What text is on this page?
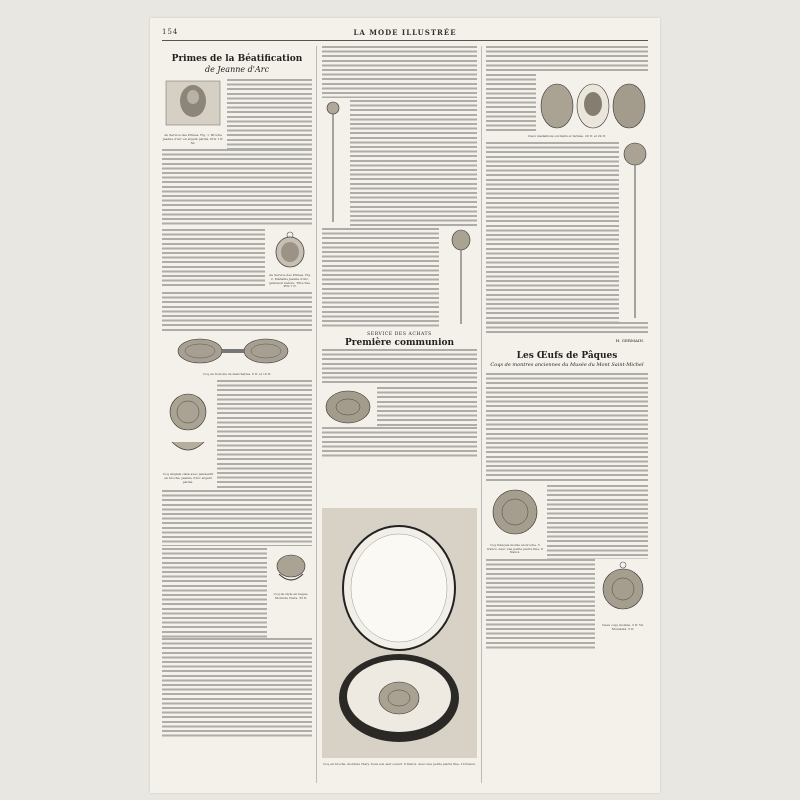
154	LA MODE ILLUSTRÉE
Primes de la Béatification
de Jeanne d'Arc
Au Service des Primes. Fig. 1. Broche Jeanne d'Arc en argent patiné. Prix 1 fr. 50.
Au Service des Primes. Fig. 2. Médaille Jeanne d'Arc, grandeur nature. Titre fixe. Prix 7 fr.
Coq en boutons de manchettes. 6 fr. et 10 fr.
Coq Anglais clara avec pendentif en broche; Jeanne d'Arc argent patiné.
Coq de style en bague. Monture Clara. 35 fr.
SERVICE DES ACHATS
Première communion
Coq en broche, monture Clary. Sous son œuf ouvert. 6 francs. Avec une petite pierre fine, 10 francs.
Deux médaillons ouvrants et fermés. 20 fr. et 24 fr.
H. GERMAIN.
Les Œufs de Pâques
Coqs de montres anciennes du Musée du Mont Saint-Michel
Coq français monté en broche. 5 francs. Avec une petite pierre fine, 8 francs.
Deux coqs montés. 3 fr. 50. Montants. 5 fr.
